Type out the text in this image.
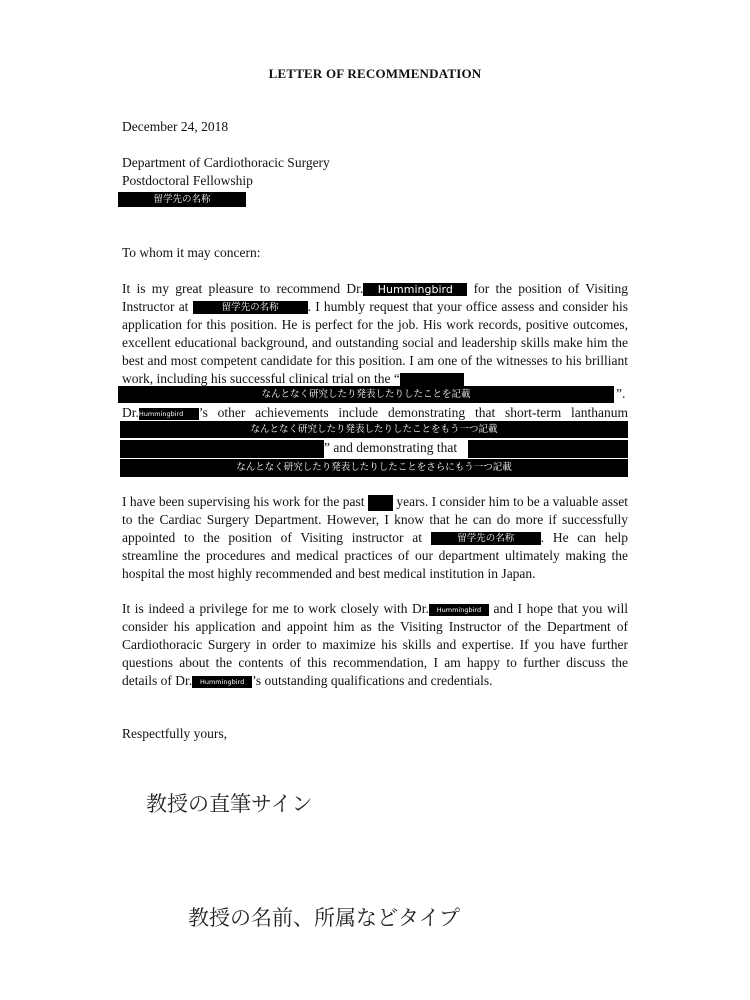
LETTER OF RECOMMENDATION
December 24, 2018
Department of Cardiothoracic Surgery
Postdoctoral Fellowship
留学先の名称
To whom it may concern:

It is my great pleasure to recommend Dr. Hummingbird for the position of Visiting Instructor at	留学先の名称 . I humbly request that your office assess and consider his application for this position. He is perfect for the job. His work records, positive outcomes, excellent educational background, and outstanding social and leadership skills make him the best and most competent candidate for this position. I am one of the witnesses to his brilliant work, including his successful clinical trial on the “

なんとなく研究したり発表したりしたことを記載	”.

Dr.Hummingbird ’s other achievements include demonstrating that short-term lanthanum

なんとなく研究したり発表したりしたことをもう一つ記載
” and demonstrating that
なんとなく研究したり発表したりしたことをさらにもう一つ記載

I have been supervising his work for the past years. I consider him to be a valuable asset to the Cardiac Surgery Department. However, I know that he can do more if successfully appointed to the position of Visiting instructor at	留学先の名称 . He can help streamline the procedures and medical practices of our department ultimately making the hospital the most highly recommended and best medical institution in Japan.

It is indeed a privilege for me to work closely with Dr. Hummingbird and I hope that you will consider his application and appoint him as the Visiting Instructor of the Department of Cardiothoracic Surgery in order to maximize his skills and expertise. If you have further questions about the contents of this recommendation, I am happy to further discuss the details of Dr. Hummingbird ’s outstanding qualifications and credentials.

Respectfully yours,
教授の直筆サイン
教授の名前、所属などタイプ
